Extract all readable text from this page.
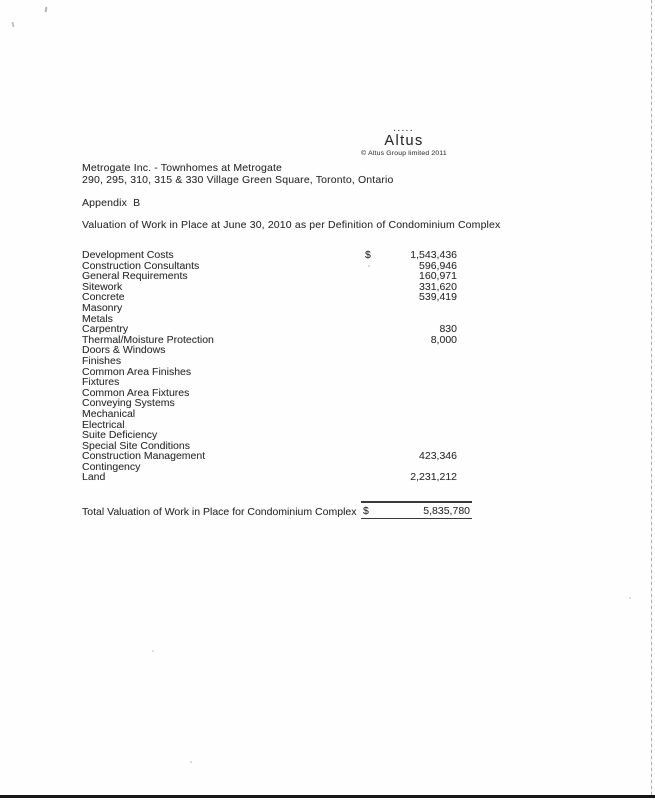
.....
Altus
© Altus Group limited 2011
Metrogate Inc. - Townhomes at Metrogate
290, 295, 310, 315 & 330 Village Green Square, Toronto, Ontario
Appendix  B
Valuation of Work in Place at June 30, 2010 as per Definition of Condominium Complex
Development Costs	$	1,543,436
Construction Consultants	596,946
General Requirements	160,971
Sitework	331,620
Concrete	539,419
Masonry
Metals
Carpentry	830
Thermal/Moisture Protection	8,000
Doors & Windows
Finishes
Common Area Finishes
Fixtures
Common Area Fixtures
Conveying Systems
Mechanical
Electrical
Suite Deficiency
Special Site Conditions
Construction Management	423,346
Contingency
Land	2,231,212
Total Valuation of Work in Place for Condominium Complex $	5,835,780
